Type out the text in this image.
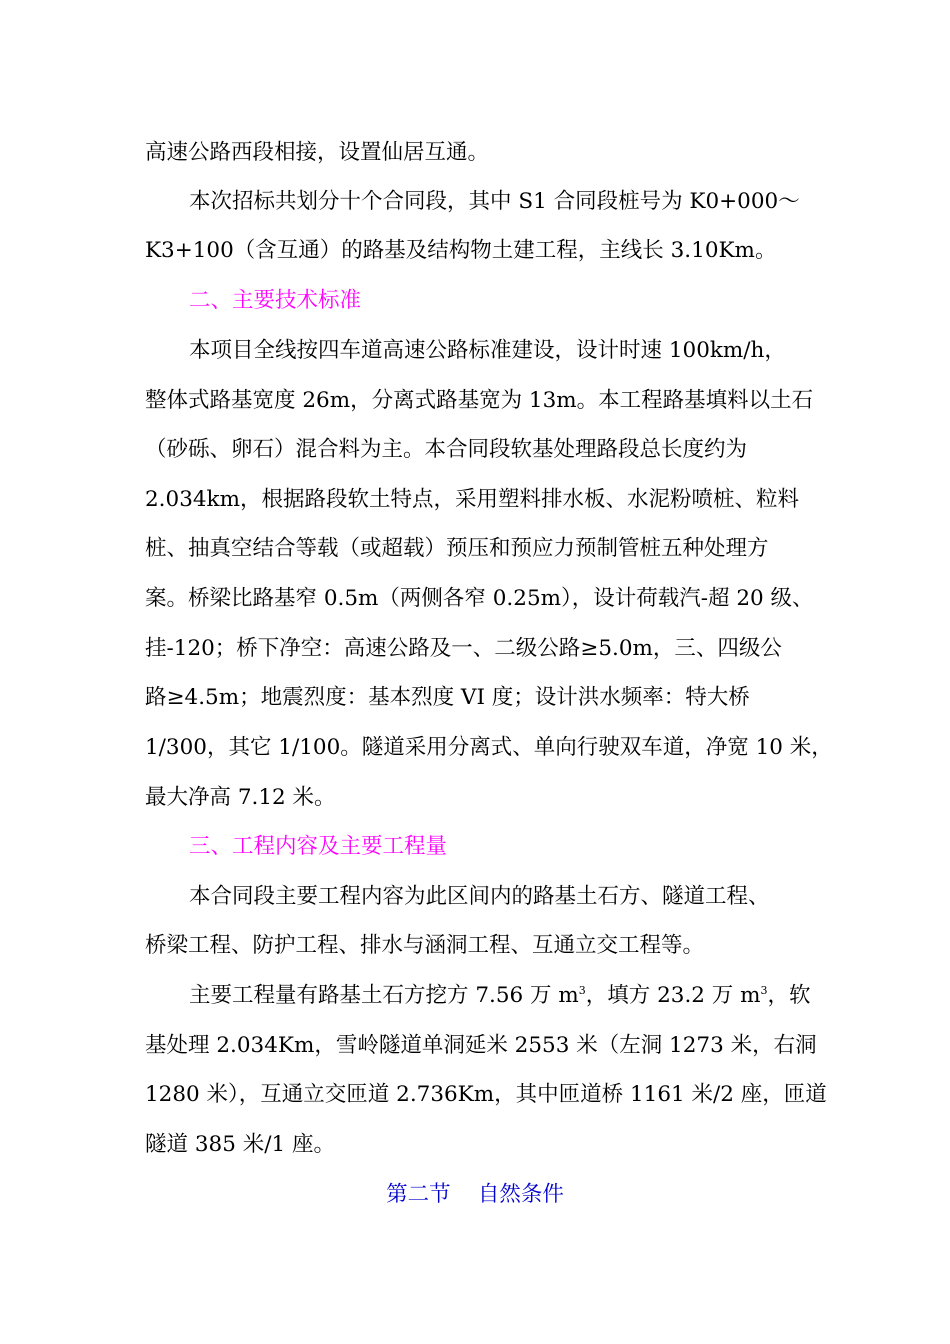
高速公路西段相接，设置仙居互通。
本次招标共划分十个合同段，其中 S1 合同段桩号为 K0+000～
K3+100（含互通）的路基及结构物土建工程，主线长 3.10Km。
二、主要技术标准
本项目全线按四车道高速公路标准建设，设计时速 100km/h，
整体式路基宽度 26m，分离式路基宽为 13m。本工程路基填料以土石
（砂砾、卵石）混合料为主。本合同段软基处理路段总长度约为
2.034km，根据路段软土特点，采用塑料排水板、水泥粉喷桩、粒料
桩、抽真空结合等载（或超载）预压和预应力预制管桩五种处理方
案。桥梁比路基窄 0.5m（两侧各窄 0.25m），设计荷载汽-超 20 级、
挂-120；桥下净空：高速公路及一、二级公路≥5.0m，三、四级公
路≥4.5m；地震烈度：基本烈度 VI 度；设计洪水频率：特大桥
1/300，其它 1/100。隧道采用分离式、单向行驶双车道，净宽 10 米，
最大净高 7.12 米。
三、工程内容及主要工程量
本合同段主要工程内容为此区间内的路基土石方、隧道工程、
桥梁工程、防护工程、排水与涵洞工程、互通立交工程等。
主要工程量有路基土石方挖方 7.56 万 $m^3$，填方 23.2 万 $m^3$，软
基处理 2.034Km，雪岭隧道单洞延米 2553 米（左洞 1273 米，右洞
1280 米），互通立交匝道 2.736Km，其中匝道桥 1161 米/2 座，匝道
隧道 385 米/1 座。
第二节    自然条件
